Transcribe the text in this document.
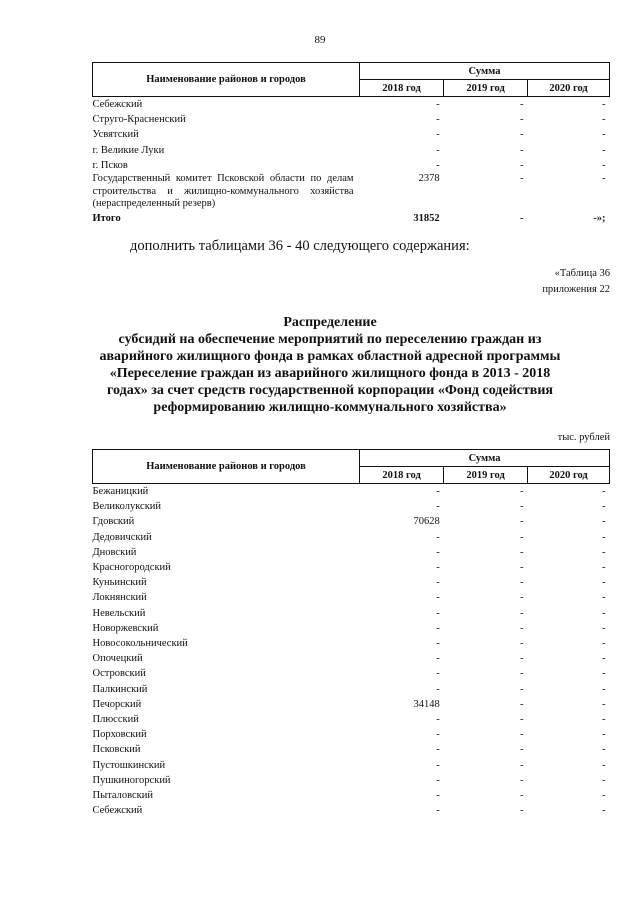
89
Наименование районов и городов	Сумма		
	2018 год	2019 год	2020 год
Себежский	-	-	-
Струго-Красненский	-	-	-
Усвятский	-	-	-
г. Великие Луки	-	-	-
г. Псков	-	-	-
Государственный комитет Псковской области по делам строительства и жилищно-коммунального хозяйства (нераспределенный резерв)	2378	-	-
Итого	31852	-	-»;
дополнить таблицами 36 - 40 следующего содержания:
«Таблица 36
приложения 22
Распределение
субсидий на обеспечение мероприятий по переселению граждан из
аварийного жилищного фонда в рамках областной адресной программы
«Переселение граждан из аварийного жилищного фонда в 2013 - 2018
годах» за счет средств государственной корпорации «Фонд содействия
реформированию жилищно-коммунального хозяйства»
тыс. рублей
Наименование районов и городов	Сумма		
	2018 год	2019 год	2020 год
Бежаницкий	-	-	-
Великолукский	-	-	-
Гдовский	70628	-	-
Дедовичский	-	-	-
Дновский	-	-	-
Красногородский	-	-	-
Куньинский	-	-	-
Локнянский	-	-	-
Невельский	-	-	-
Новоржевский	-	-	-
Новосокольнический	-	-	-
Опочецкий	-	-	-
Островский	-	-	-
Палкинский	-	-	-
Печорский	34148	-	-
Плюсский	-	-	-
Порховский	-	-	-
Псковский	-	-	-
Пустошкинский	-	-	-
Пушкиногорский	-	-	-
Пыталовский	-	-	-
Себежский	-	-	-
